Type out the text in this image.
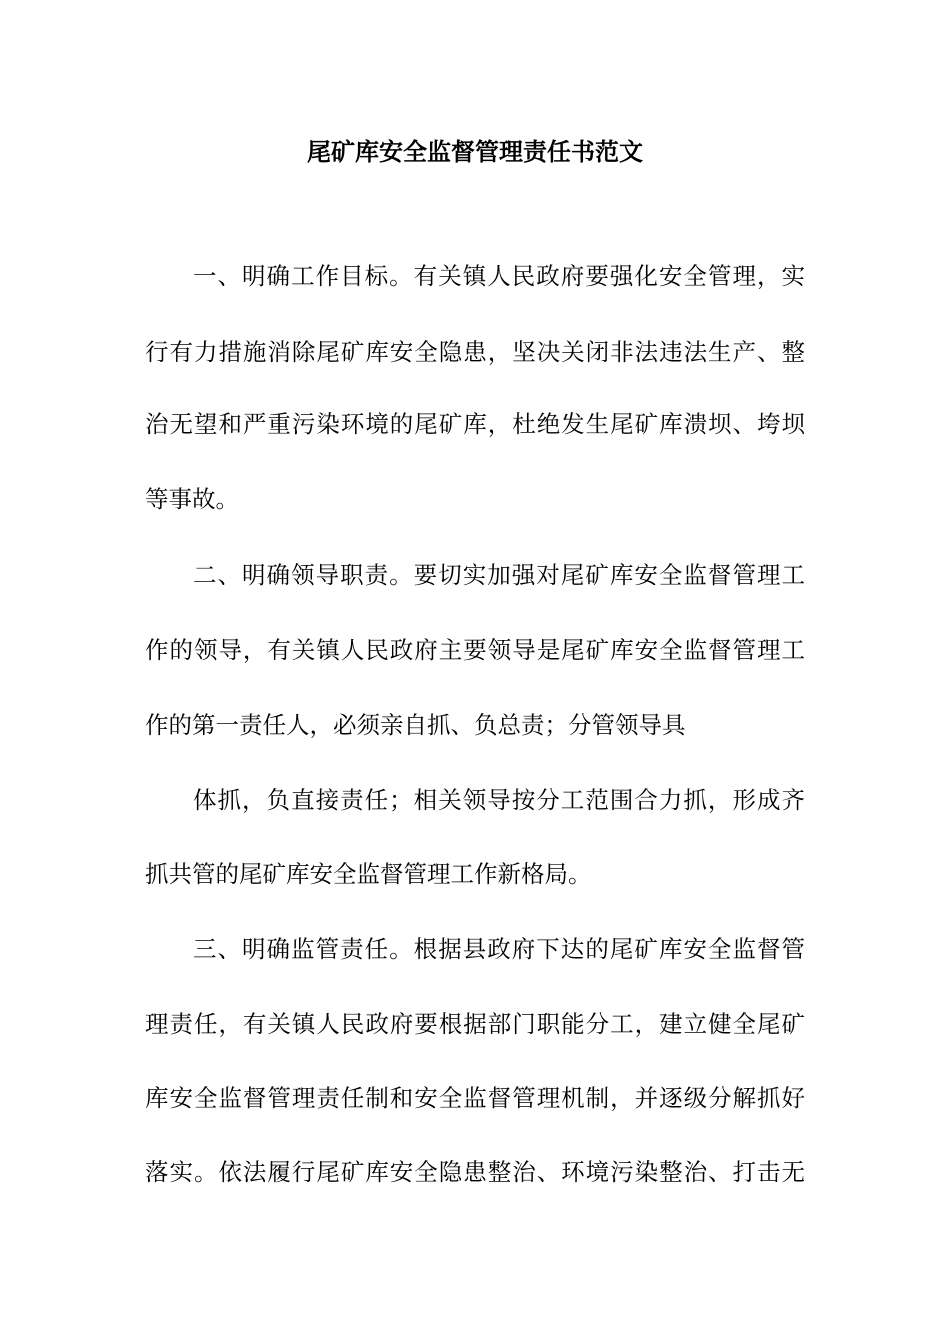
尾矿库安全监督管理责任书范文
一、明确工作目标。有关镇人民政府要强化安全管理，实
行有力措施消除尾矿库安全隐患，坚决关闭非法违法生产、整
治无望和严重污染环境的尾矿库，杜绝发生尾矿库溃坝、垮坝
等事故。
二、明确领导职责。要切实加强对尾矿库安全监督管理工
作的领导，有关镇人民政府主要领导是尾矿库安全监督管理工
作的第一责任人，必须亲自抓、负总责；分管领导具
体抓，负直接责任；相关领导按分工范围合力抓，形成齐
抓共管的尾矿库安全监督管理工作新格局。
三、明确监管责任。根据县政府下达的尾矿库安全监督管
理责任，有关镇人民政府要根据部门职能分工，建立健全尾矿
库安全监督管理责任制和安全监督管理机制，并逐级分解抓好
落实。依法履行尾矿库安全隐患整治、环境污染整治、打击无
